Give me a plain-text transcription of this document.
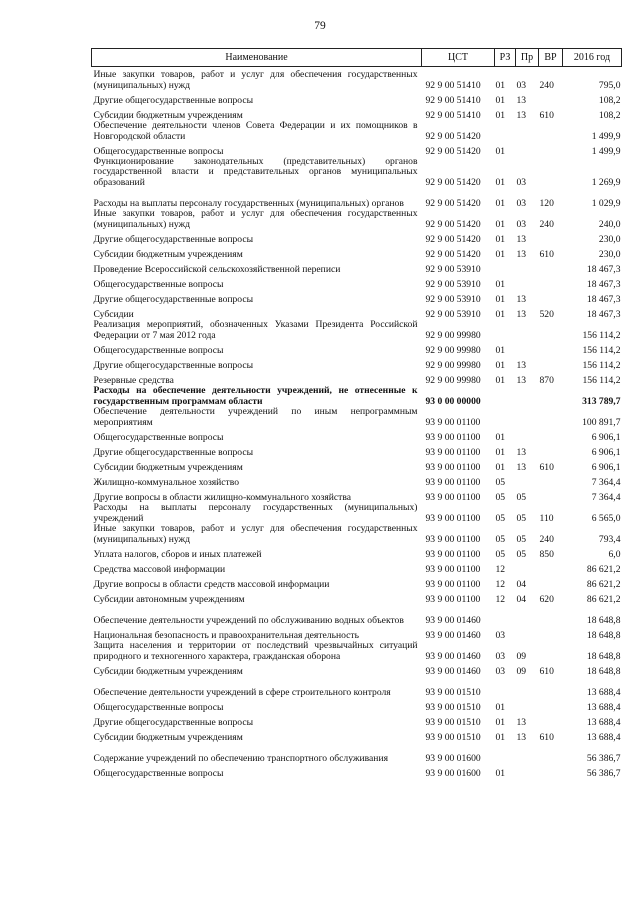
79
Наименование	ЦСТ	РЗ	Пр	ВР	2016 год
Иные закупки товаров, работ и услуг для обеспечения государственных (муниципальных) нужд	92 9 00 51410	01	03	240	795,0
Другие общегосударственные вопросы	92 9 00 51410	01	13		108,2
Субсидии бюджетным учреждениям	92 9 00 51410	01	13	610	108,2
Обеспечение деятельности членов Совета Федерации и их помощников в Новгородской области	92 9 00 51420				1 499,9
Общегосударственные вопросы	92 9 00 51420	01			1 499,9
Функционирование законодательных (представительных) органов государственной власти и представительных органов муниципальных образований	92 9 00 51420	01	03		1 269,9
Расходы на выплаты персоналу государственных (муниципальных) органов	92 9 00 51420	01	03	120	1 029,9
Иные закупки товаров, работ и услуг для обеспечения государственных (муниципальных) нужд	92 9 00 51420	01	03	240	240,0
Другие общегосударственные вопросы	92 9 00 51420	01	13		230,0
Субсидии бюджетным учреждениям	92 9 00 51420	01	13	610	230,0
Проведение Всероссийской сельскохозяйственной переписи	92 9 00 53910				18 467,3
Общегосударственные вопросы	92 9 00 53910	01			18 467,3
Другие общегосударственные вопросы	92 9 00 53910	01	13		18 467,3
Субсидии	92 9 00 53910	01	13	520	18 467,3
Реализация мероприятий, обозначенных Указами Президента Российской Федерации от 7 мая 2012 года	92 9 00 99980				156 114,2
Общегосударственные вопросы	92 9 00 99980	01			156 114,2
Другие общегосударственные вопросы	92 9 00 99980	01	13		156 114,2
Резервные средства	92 9 00 99980	01	13	870	156 114,2
Расходы на обеспечение деятельности учреждений, не отнесенные к государственным программам области	93 0 00 00000				313 789,7
Обеспечение деятельности учреждений по иным непрограммным мероприятиям	93 9 00 01100				100 891,7
Общегосударственные вопросы	93 9 00 01100	01			6 906,1
Другие общегосударственные вопросы	93 9 00 01100	01	13		6 906,1
Субсидии бюджетным учреждениям	93 9 00 01100	01	13	610	6 906,1
Жилищно-коммунальное хозяйство	93 9 00 01100	05			7 364,4
Другие вопросы в области жилищно-коммунального хозяйства	93 9 00 01100	05	05		7 364,4
Расходы на выплаты персоналу государственных (муниципальных) учреждений	93 9 00 01100	05	05	110	6 565,0
Иные закупки товаров, работ и услуг для обеспечения государственных (муниципальных) нужд	93 9 00 01100	05	05	240	793,4
Уплата налогов, сборов и иных платежей	93 9 00 01100	05	05	850	6,0
Средства массовой информации	93 9 00 01100	12			86 621,2
Другие вопросы в области средств массовой информации	93 9 00 01100	12	04		86 621,2
Субсидии автономным учреждениям	93 9 00 01100	12	04	620	86 621,2
Обеспечение деятельности учреждений по обслуживанию водных объектов	93 9 00 01460				18 648,8
Национальная безопасность и правоохранительная деятельность	93 9 00 01460	03			18 648,8
Защита населения и территории от последствий чрезвычайных ситуаций природного и техногенного характера, гражданская оборона	93 9 00 01460	03	09		18 648,8
Субсидии бюджетным учреждениям	93 9 00 01460	03	09	610	18 648,8
Обеспечение деятельности учреждений в сфере строительного контроля	93 9 00 01510				13 688,4
Общегосударственные вопросы	93 9 00 01510	01			13 688,4
Другие общегосударственные вопросы	93 9 00 01510	01	13		13 688,4
Субсидии бюджетным учреждениям	93 9 00 01510	01	13	610	13 688,4
Содержание учреждений по обеспечению транспортного обслуживания	93 9 00 01600				56 386,7
Общегосударственные вопросы	93 9 00 01600	01			56 386,7
